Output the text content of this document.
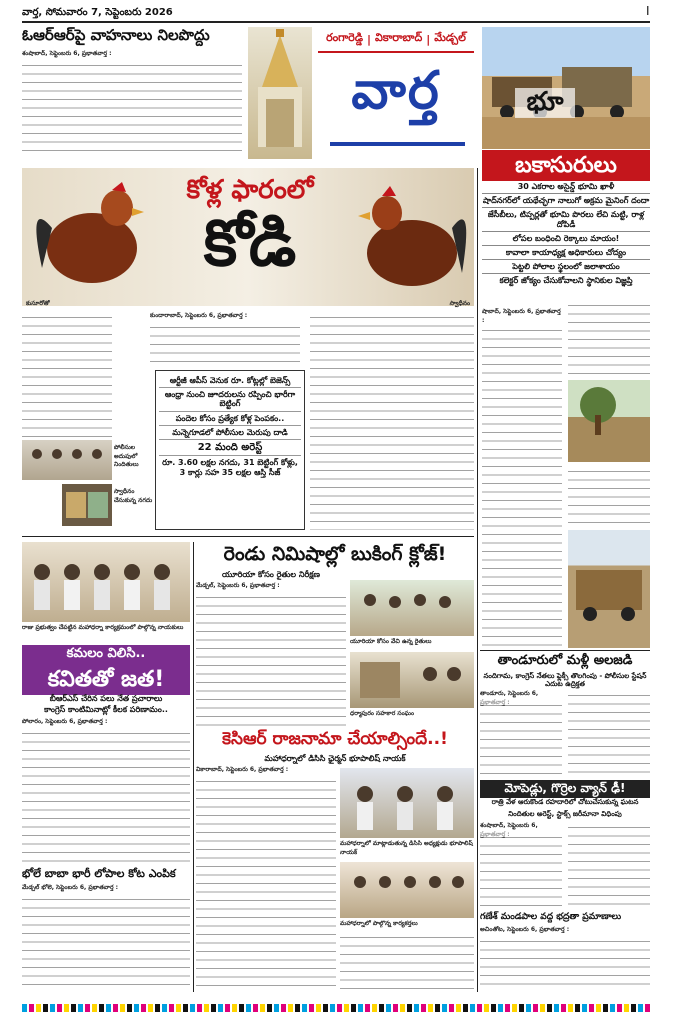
వార్త, సోమవారం 7, సెప్టెంబరు 2026	I
ఓఆర్ఆర్‌పై వాహనాలు నిలపొద్దు
శంషాబాద్, సెప్టెంబరు 6, ప్రభాతవార్త :
రంగారెడ్డి | వికారాబాద్ | మేడ్చల్
వార్త	భూ
బకాసురులు
30 ఎకరాల అసైన్డ్ భూమి ఖాళీ
షాద్‌నగర్‌లో యథేచ్ఛగా నాలుగో అక్రమ మైనింగ్ దందా
జేసీబీలు, టిప్పర్లతో భూమి పొరలు లేచి మట్టి, రాళ్ల దోపిడీ
లోపల బంధించి రెక్కాలు మాయం!
కావాలా కాయాధ్యక్ష అధికారులు చోద్యం
పెట్టలి పోలాల స్థలంలో జలాశాయం
కలెక్టర్ జోక్యం చేసుకోవాలని స్థానికుల విజ్ఞప్తి
షాబాద్, సెప్టెంబరు 6, ప్రభాతవార్త :
కోళ్ల ఫారంలో
కోడి
కుసూరోతో	స్వాధీనం
పోలీసుల అదుపులో నిందితులు
స్వాధీనం చేసుకున్న నగదు
కుందారాబాద్, సెప్టెంబరు 6, ప్రభాతవార్త :
ఆర్టీజీ ఆపీస్ వెనుక రూ. కోట్లల్లో బెజెన్స్
ఆంధ్రా నుంచి జూదరులను రప్పించి భారీగా బెట్టింగ్
పందెల కోసం ప్రత్యేక కోళ్ల పెంపకం..
మన్నెగూడలో పోలీసుల మెరుపు దాడి
22 మంది అరెస్ట్
రూ. 3.60 లక్షల నగదు, 31 బెట్టింగ్ కోళ్లు, 3 కార్లు సహ 35 లక్షల ఆస్తి సీజ్
రాజు ప్రభుత్వం చేపట్టిన మహాధర్నా కార్యక్రమంలో పాల్గొన్న నాయకులు
కమలం విలిసి..
కవితతో జత!
బీఆర్ఎస్ చేరిన పలు నేత ప్రచారాలు
కాంగ్రెస్ కాంటిమినాట్లో కీలక పరిణామం..
పోలారం, సెప్టెంబరు 6, ప్రభాతవార్త :
భోలే బాబా భారీ లోపాల కోట ఎంపిక
మేడ్చల్ భోలె, సెప్టెంబరు 6, ప్రభాతవార్త :
రెండు నిమిషాల్లో బుకింగ్ క్లోజ్!
యూరియా కోసం రైతుల నిరీక్షణ
మేడ్చల్, సెప్టెంబరు 6, ప్రభాతవార్త :
యూరియా కోసం వేచి ఉన్న రైతులు
ధర్మాపురం సహకార సంఘం
కెసిఆర్ రాజనామా చేయాల్సిందే..!
మహాధర్నాలో డిసిసి ఛైర్మన్ భూపాలిష్ నాయక్
వికారాబాద్, సెప్టెంబరు 6, ప్రభాతవార్త :
మహాధర్నాలో మాట్లాడుతున్న డిసిసి అధ్యక్షుడు భూపాలిష్ నాయక్
మహాధర్నాలో పాల్గొన్న కార్యకర్తలు
తాండూరులో మళ్లీ అలజడి
నందిగామ, కాంగ్రెస్ నేతలు ఫ్లెక్సీ తొలగింపు - పోలీసుల స్టేషన్ ఎదుట ఉద్రిక్తత
తాండూరు, సెప్టెంబరు 6,
మోపెడ్లు, గొర్రెల వ్యాన్ ఢీ!
రాత్రి వేళ ఆరుకొండ రహదారిలో చోటుచేసుకున్న ఘటన
నిందితుల అరెస్ట్, స్టాక్స్ జరీమానా విధింపు
శంషాబాద్, సెప్టెంబరు 6,
గణేశ్ మండపాల వద్ద భద్రతా ప్రమాణాలు
అచింతోట, సెప్టెంబరు 6, ప్రభాతవార్త :
